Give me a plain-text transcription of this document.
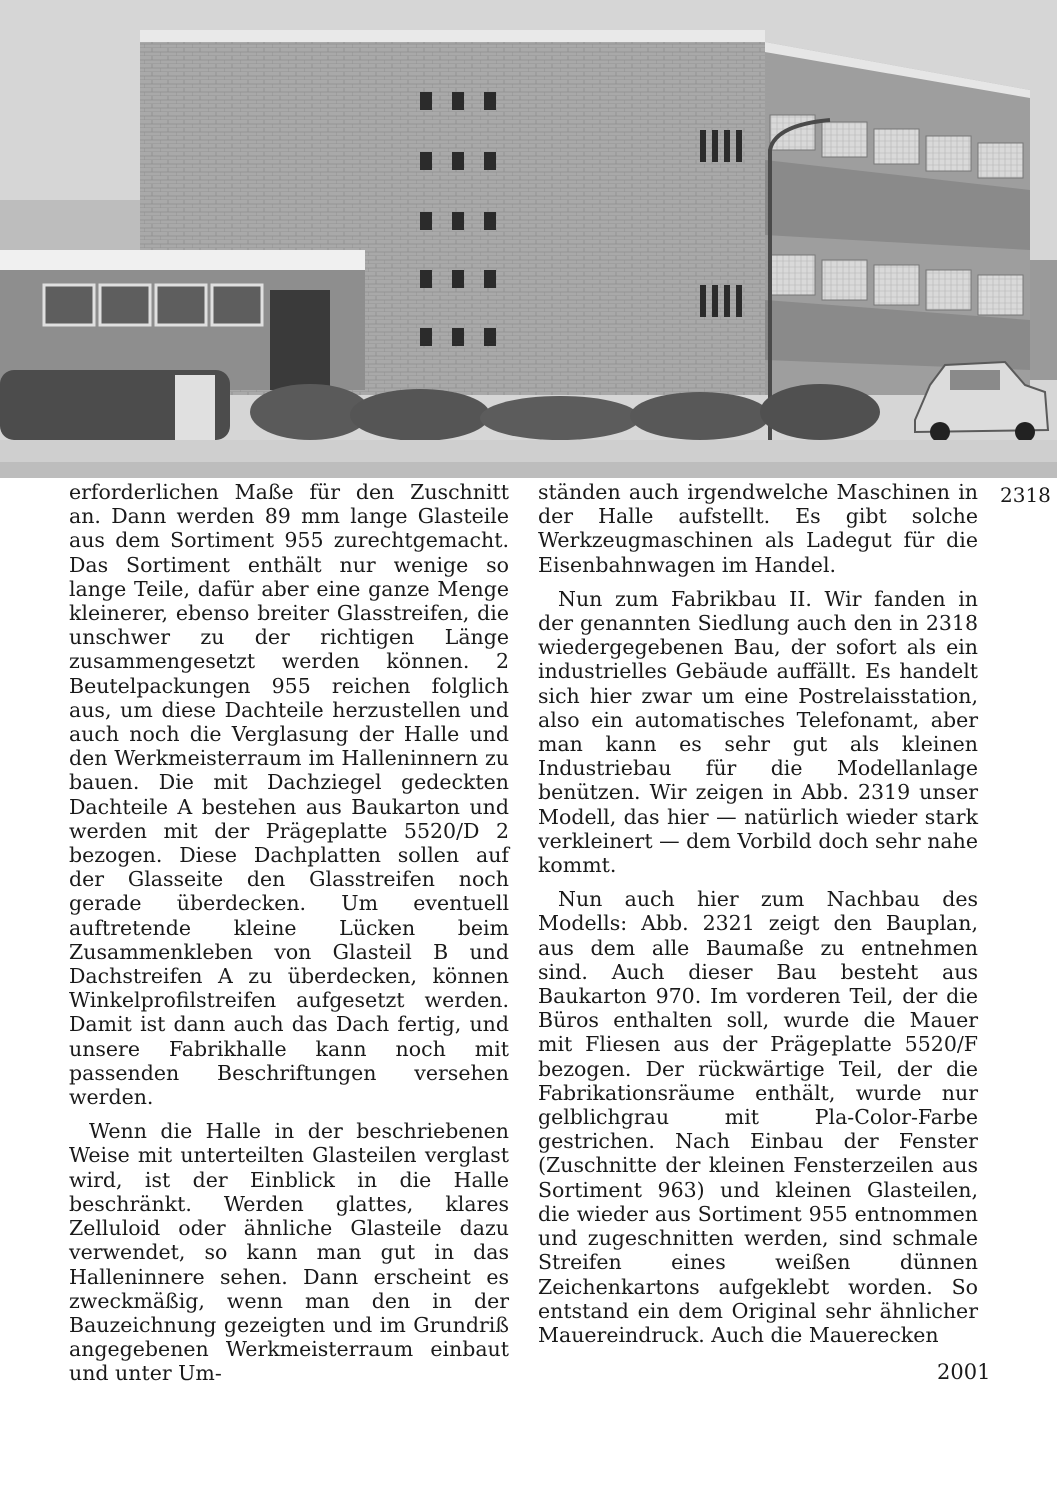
erforderlichen Maße für den Zuschnitt an. Dann werden 89 mm lange Glasteile aus dem Sortiment 955 zurechtgemacht. Das Sortiment enthält nur wenige so lange Teile, dafür aber eine ganze Menge kleinerer, ebenso breiter Glasstreifen, die unschwer zu der richtigen Länge zusammengesetzt werden können. 2 Beutelpackungen 955 reichen folglich aus, um diese Dachteile herzustellen und auch noch die Verglasung der Halle und den Werkmeisterraum im Halleninnern zu bauen. Die mit Dachziegel gedeckten Dachteile A bestehen aus Baukarton und werden mit der Prägeplatte 5520/D 2 bezogen. Diese Dachplatten sollen auf der Glasseite den Glasstreifen noch gerade überdecken. Um eventuell auftretende kleine Lücken beim Zusammenkleben von Glasteil B und Dachstreifen A zu überdecken, können Winkelprofilstreifen aufgesetzt werden. Damit ist dann auch das Dach fertig, und unsere Fabrikhalle kann noch mit passenden Beschriftungen versehen werden.

Wenn die Halle in der beschriebenen Weise mit unterteilten Glasteilen verglast wird, ist der Einblick in die Halle beschränkt. Werden glattes, klares Zelluloid oder ähnliche Glasteile dazu verwendet, so kann man gut in das Halleninnere sehen. Dann erscheint es zweckmäßig, wenn man den in der Bauzeichnung gezeigten und im Grundriß angegebenen Werkmeisterraum einbaut und unter Um-

ständen auch irgendwelche Maschinen in der Halle aufstellt. Es gibt solche Werkzeugmaschinen als Ladegut für die Eisenbahnwagen im Handel.

Nun zum Fabrikbau II. Wir fanden in der genannten Siedlung auch den in 2318 wiedergegebenen Bau, der sofort als ein industrielles Gebäude auffällt. Es handelt sich hier zwar um eine Postrelaisstation, also ein automatisches Telefonamt, aber man kann es sehr gut als kleinen Industriebau für die Modellanlage benützen. Wir zeigen in Abb. 2319 unser Modell, das hier — natürlich wieder stark verkleinert — dem Vorbild doch sehr nahe kommt.

Nun auch hier zum Nachbau des Modells: Abb. 2321 zeigt den Bauplan, aus dem alle Baumaße zu entnehmen sind. Auch dieser Bau besteht aus Baukarton 970. Im vorderen Teil, der die Büros enthalten soll, wurde die Mauer mit Fliesen aus der Prägeplatte 5520/F bezogen. Der rückwärtige Teil, der die Fabrikationsräume enthält, wurde nur gelblichgrau mit Pla-Color-Farbe gestrichen. Nach Einbau der Fenster (Zuschnitte der kleinen Fensterzeilen aus Sortiment 963) und kleinen Glasteilen, die wieder aus Sortiment 955 entnommen und zugeschnitten werden, sind schmale Streifen eines weißen dünnen Zeichenkartons aufgeklebt worden. So entstand ein dem Original sehr ähnlicher Mauereindruck. Auch die Mauerecken

2318
2001
